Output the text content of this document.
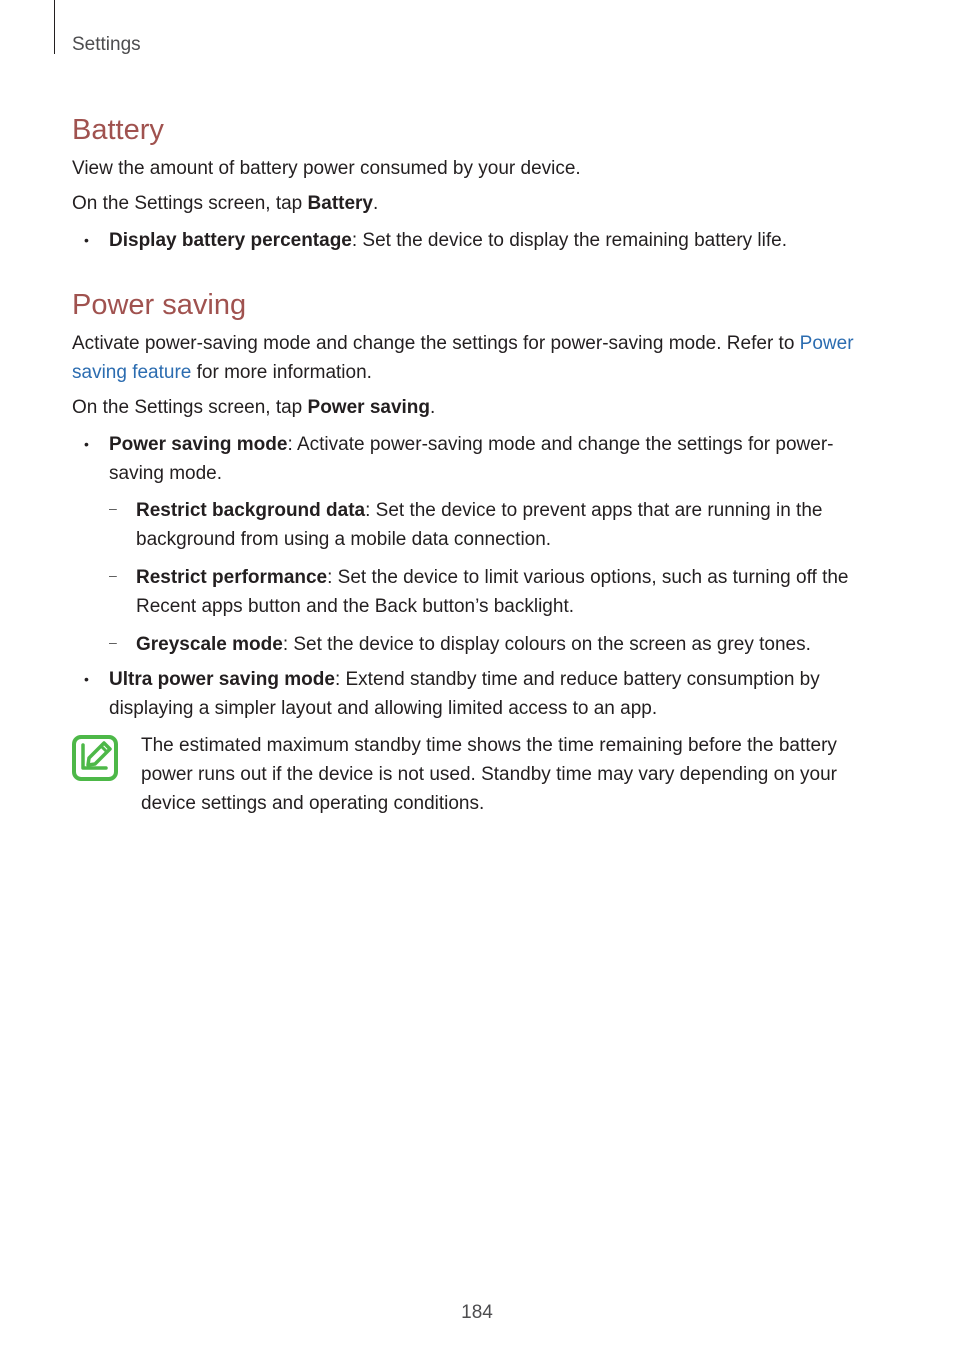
Settings
Battery

View the amount of battery power consumed by your device.

On the Settings screen, tap Battery.

• Display battery percentage: Set the device to display the remaining battery life.
Power saving

Activate power-saving mode and change the settings for power-saving mode. Refer to Power saving feature for more information.

On the Settings screen, tap Power saving.

• Power saving mode: Activate power-saving mode and change the settings for power-saving mode.
– Restrict background data: Set the device to prevent apps that are running in the background from using a mobile data connection.
– Restrict performance: Set the device to limit various options, such as turning off the Recent apps button and the Back button’s backlight.
– Greyscale mode: Set the device to display colours on the screen as grey tones.
• Ultra power saving mode: Extend standby time and reduce battery consumption by displaying a simpler layout and allowing limited access to an app.
The estimated maximum standby time shows the time remaining before the battery power runs out if the device is not used. Standby time may vary depending on your device settings and operating conditions.
184
